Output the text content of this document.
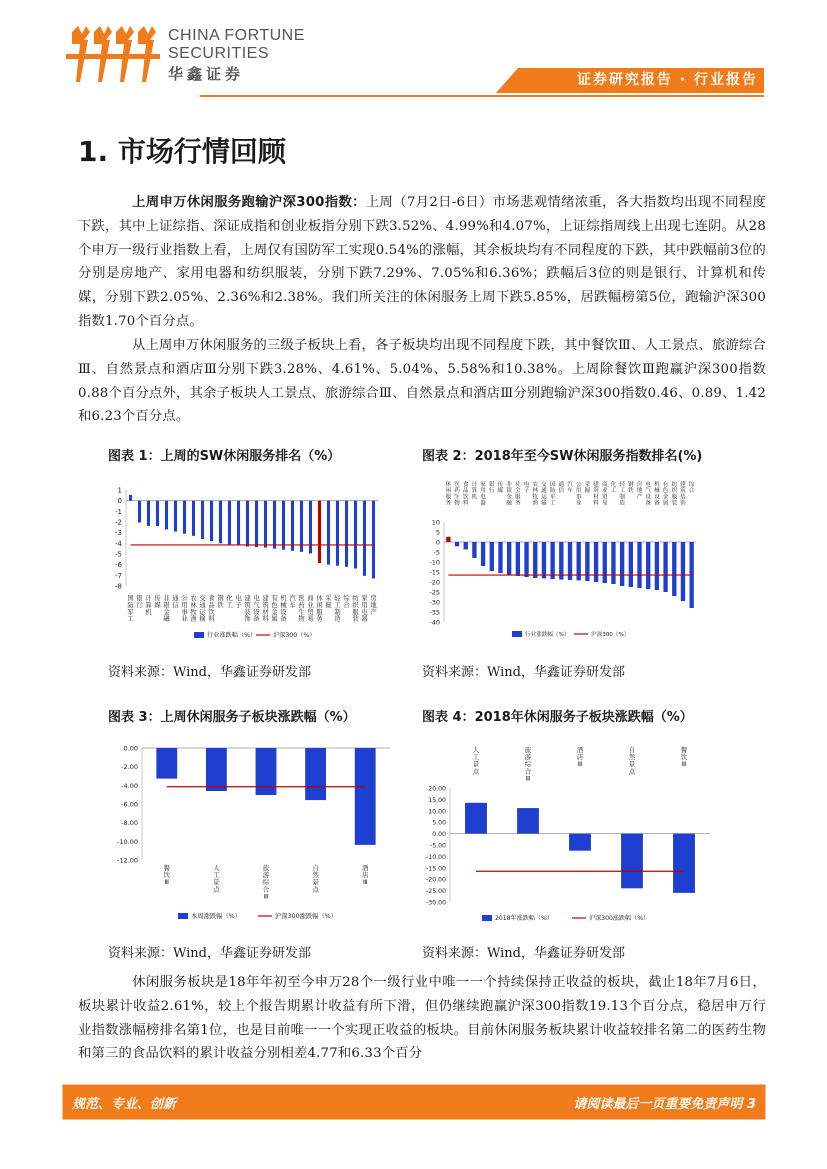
CHINA FORTUNE
SECURITIES
华鑫证券	证券研究报告 · 行业报告
1. 市场行情回顾
上周申万休闲服务跑输沪深300指数：上周（7月2日-6日）市场悲观情绪浓重，各大指数均出现不同程度下跌，其中上证综指、深证成指和创业板指分别下跌3.52%、4.99%和4.07%，上证综指周线上出现七连阴。从28个申万一级行业指数上看，上周仅有国防军工实现0.54%的涨幅，其余板块均有不同程度的下跌，其中跌幅前3位的分别是房地产、家用电器和纺织服装，分别下跌7.29%、7.05%和6.36%；跌幅后3位的则是银行、计算机和传媒，分别下跌2.05%、2.36%和2.38%。我们所关注的休闲服务上周下跌5.85%，居跌幅榜第5位，跑输沪深300指数1.70个百分点。
从上周申万休闲服务的三级子板块上看，各子板块均出现不同程度下跌，其中餐饮Ⅲ、人工景点、旅游综合Ⅲ、自然景点和酒店Ⅲ分别下跌3.28%、4.61%、5.04%、5.58%和10.38%。上周除餐饮Ⅲ跑赢沪深300指数0.88个百分点外，其余子板块人工景点、旅游综合Ⅲ、自然景点和酒店Ⅲ分别跑输沪深300指数0.46、0.89、1.42和6.23个百分点。
图表 1：上周的SW休闲服务排名（%）	图表 2：2018年至今SW休闲服务指数排名(%)
1
0
-1
-2
-3
-4
-5
-6
-7
-8
国防军工
银行
计算机
传媒
非银金融
通信
公用事业
农林牧渔
交通运输
食品饮料
钢铁
化工
电子
建筑装饰
电气设备
建筑材料
有色金属
机械设备
汽车
医药生物
商业贸易
休闲服务
采掘
轻工制造
综合
纺织服装
家用电器
房地产
行业涨跌幅（%）	沪深300（%）
10
5
0
-5
-10
-15
-20
-25
-30
-35
-40
休闲服务
医药生物
食品饮料
计算机
家用电器
银行
传媒
非银金融
社会服务
电子
农林牧渔
交通运输
国防军工
通信
汽车
公用事业
采掘
建筑材料
商业贸易
化工
轻工制造
钢铁
房地产
电气设备
机械设备
有色金属
纺织服装
建筑装饰
综合
行业涨跌幅（%）	沪深300（%）
资料来源：Wind，华鑫证券研发部	资料来源：Wind，华鑫证券研发部
图表 3：上周休闲服务子板块涨跌幅（%）	图表 4：2018年休闲服务子板块涨跌幅（%）
0.00
-2.00
-4.00
-6.00
-8.00
-10.00
-12.00
餐饮 Ⅲ
人工景点
旅游综合 Ⅲ
自然景点
酒店 Ⅲ
本周涨跌幅（%）	沪深300涨跌幅（%）
20.00
15.00
10.00
5.00
0.00
-5.00
-10.00
-15.00
-20.00
-25.00
-30.00
人工景点
旅游综合 Ⅲ
酒店 Ⅲ
自然景点
餐饮 Ⅲ
2018年涨跌幅（%）	沪深300涨跌幅（%）
资料来源：Wind，华鑫证券研发部	资料来源：Wind，华鑫证券研发部
休闲服务板块是18年年初至今申万28个一级行业中唯一一个持续保持正收益的板块，截止18年7月6日，板块累计收益2.61%，较上个报告期累计收益有所下滑，但仍继续跑赢沪深300指数19.13个百分点，稳居申万行业指数涨幅榜排名第1位，也是目前唯一一个实现正收益的板块。目前休闲服务板块累计收益较排名第二的医药生物和第三的食品饮料的累计收益分别相差4.77和6.33个百分
规范、专业、创新	请阅读最后一页重要免责声明 3
